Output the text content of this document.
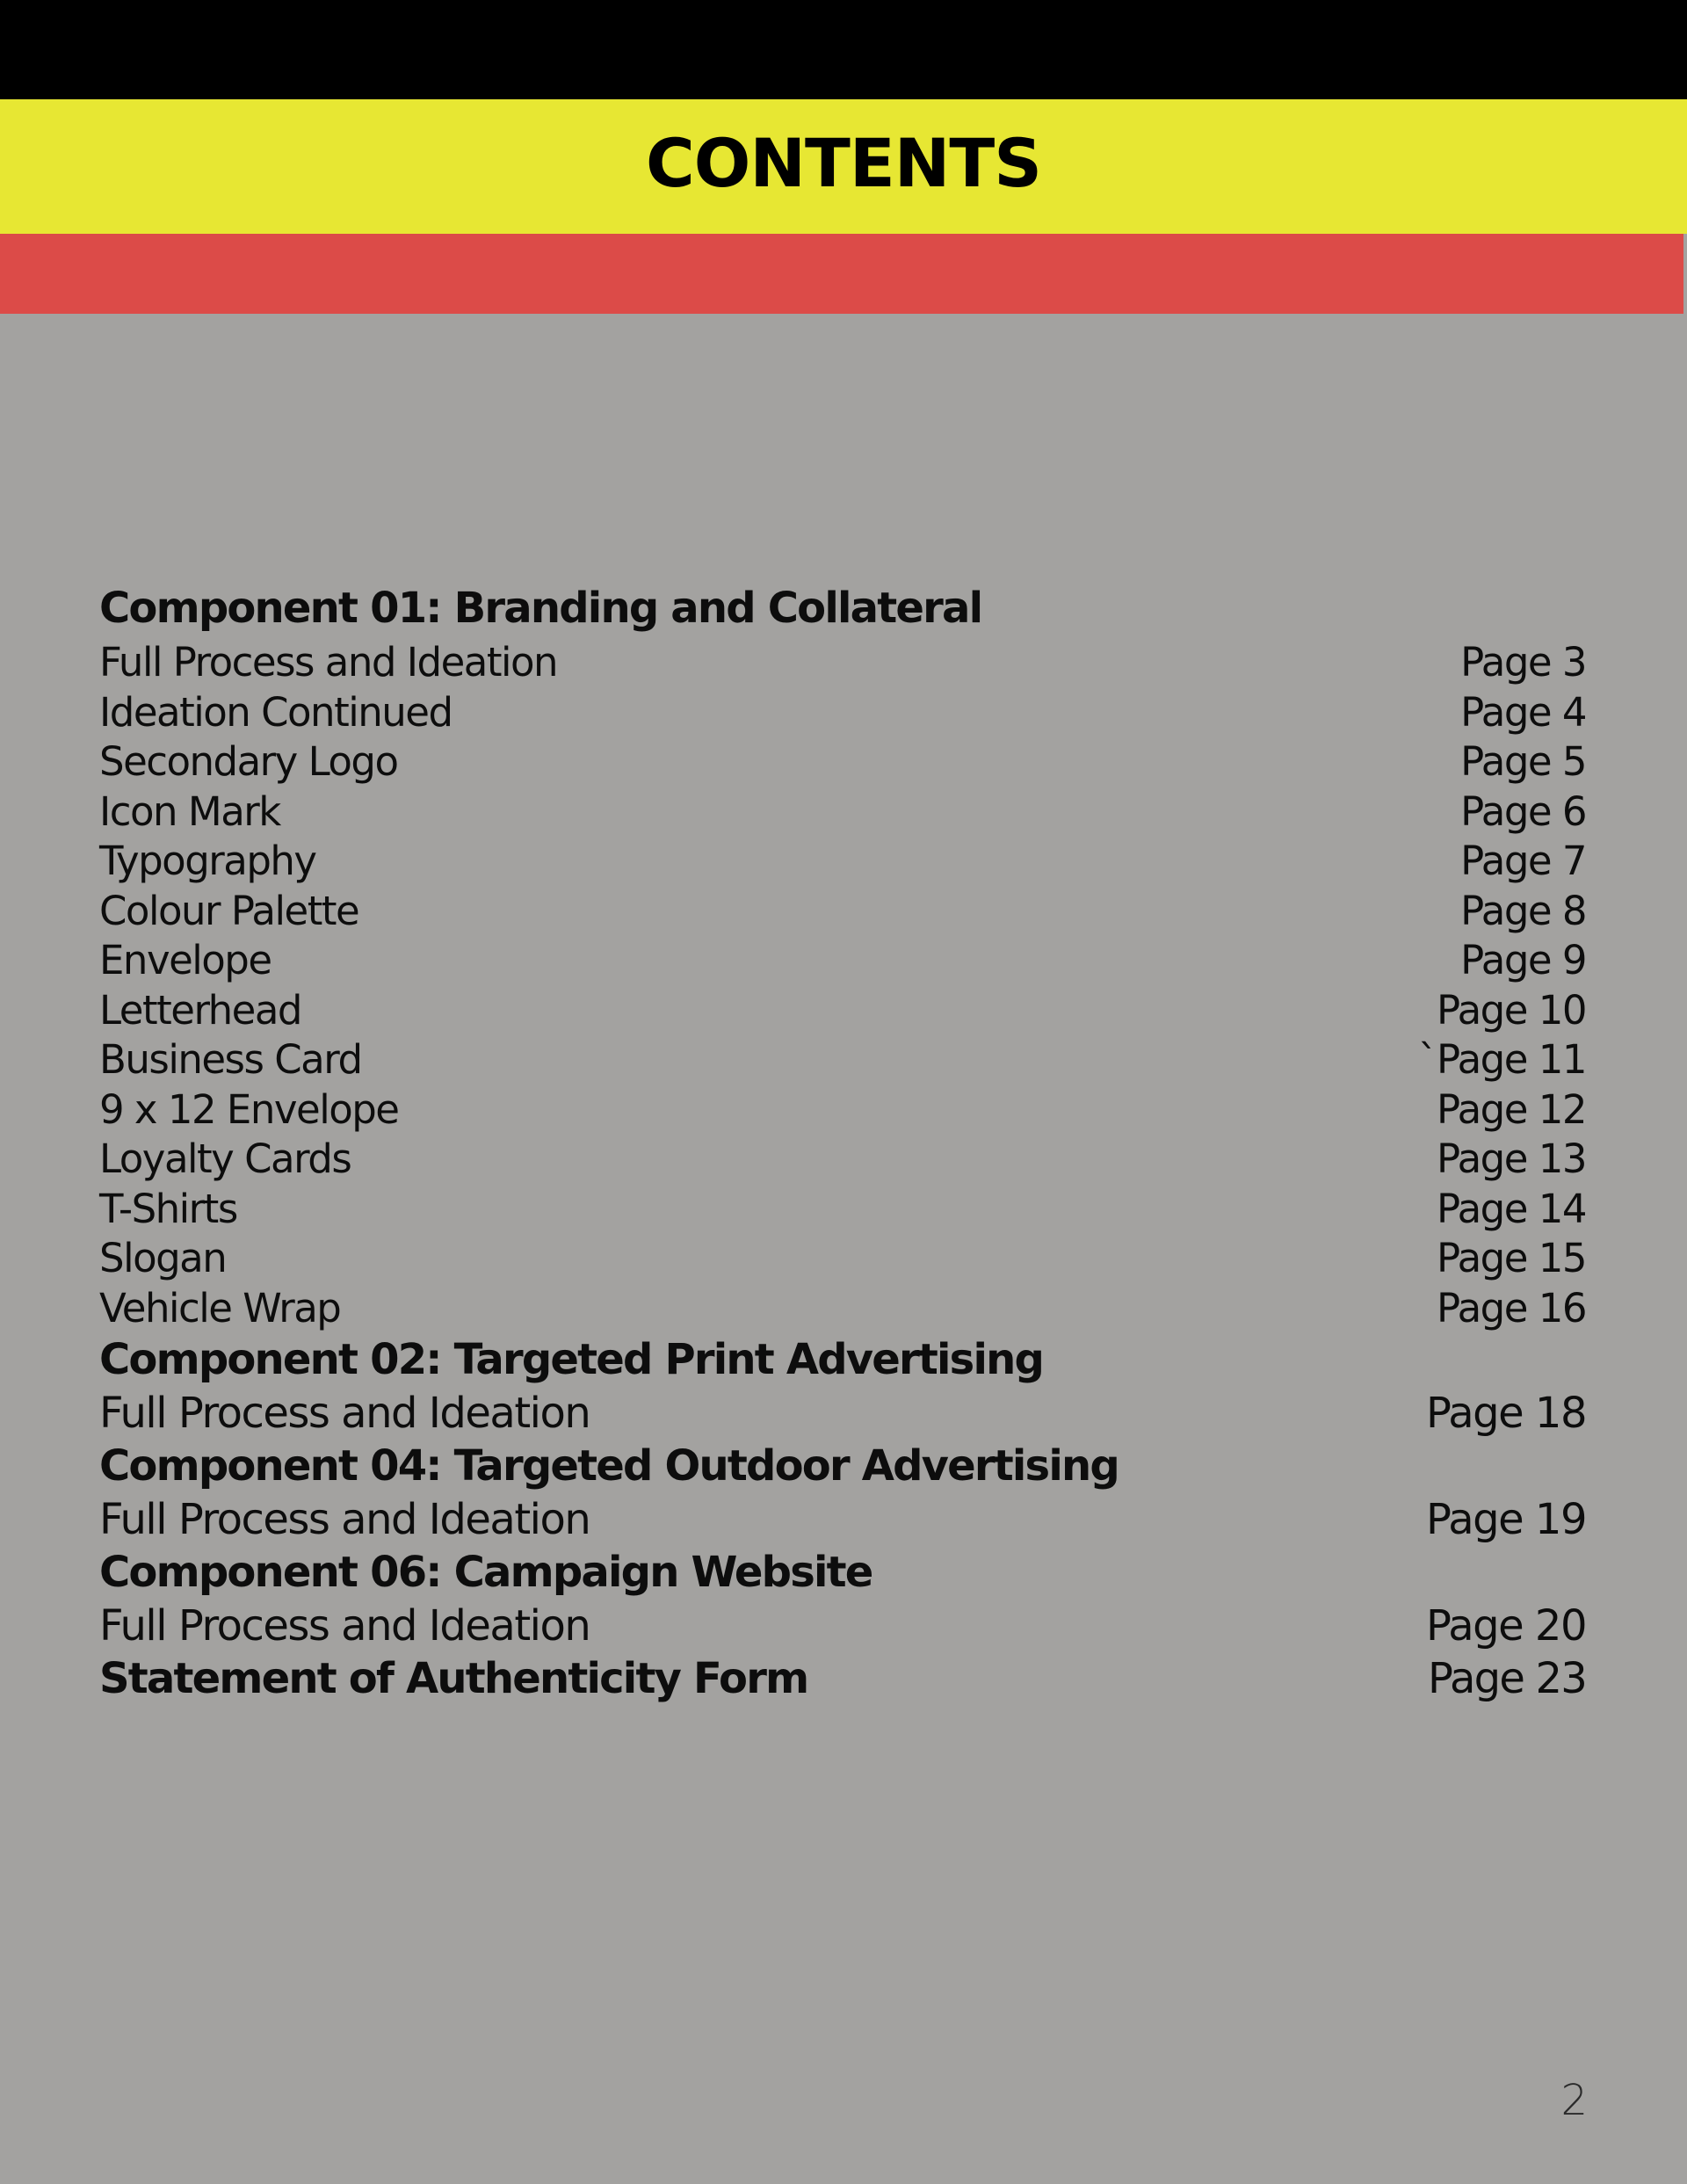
CONTENTS
Component 01: Branding and Collateral
Full Process and Ideation	Page 3
Ideation Continued	Page 4
Secondary Logo	Page 5
Icon Mark	Page 6
Typography	Page 7
Colour Palette	Page 8
Envelope	Page 9
Letterhead	Page 10
Business Card	`Page 11
9 x 12 Envelope	Page 12
Loyalty Cards	Page 13
T-Shirts	Page 14
Slogan	Page 15
Vehicle Wrap	Page 16
Component 02: Targeted Print Advertising
Full Process and Ideation	Page 18
Component 04: Targeted Outdoor Advertising
Full Process and Ideation	Page 19
Component 06: Campaign Website
Full Process and Ideation	Page 20
Statement of Authenticity Form	Page 23
2
